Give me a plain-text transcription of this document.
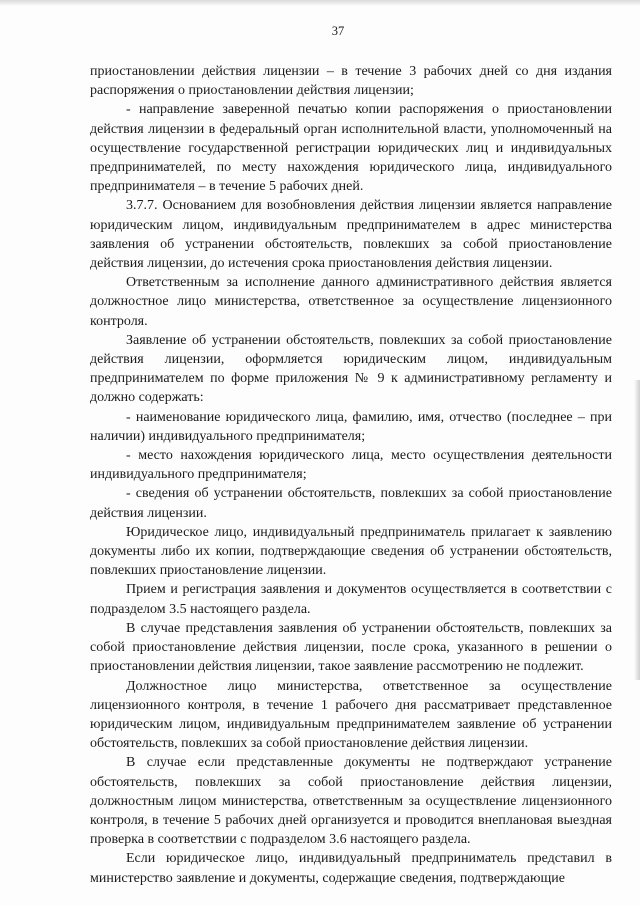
37

приостановлении действия лицензии – в течение 3 рабочих дней со дня издания распоряжения о приостановлении действия лицензии;

- направление заверенной печатью копии распоряжения о приостановлении действия лицензии в федеральный орган исполнительной власти, уполномоченный на осуществление государственной регистрации юридических лиц и индивидуальных предпринимателей, по месту нахождения юридического лица, индивидуального предпринимателя – в течение 5 рабочих дней.

3.7.7. Основанием для возобновления действия лицензии является направление юридическим лицом, индивидуальным предпринимателем в адрес министерства заявления об устранении обстоятельств, повлекших за собой приостановление действия лицензии, до истечения срока приостановления действия лицензии.

Ответственным за исполнение данного административного действия является должностное лицо министерства, ответственное за осуществление лицензионного контроля.

Заявление об устранении обстоятельств, повлекших за собой приостановление действия лицензии, оформляется юридическим лицом, индивидуальным предпринимателем по форме приложения № 9 к административному регламенту и должно содержать:

- наименование юридического лица, фамилию, имя, отчество (последнее – при наличии) индивидуального предпринимателя;

- место нахождения юридического лица, место осуществления деятельности индивидуального предпринимателя;

- сведения об устранении обстоятельств, повлекших за собой приостановление действия лицензии.

Юридическое лицо, индивидуальный предприниматель прилагает к заявлению документы либо их копии, подтверждающие сведения об устранении обстоятельств, повлекших приостановление лицензии.

Прием и регистрация заявления и документов осуществляется в соответствии с подразделом 3.5 настоящего раздела.

В случае представления заявления об устранении обстоятельств, повлекших за собой приостановление действия лицензии, после срока, указанного в решении о приостановлении действия лицензии, такое заявление рассмотрению не подлежит.

Должностное лицо министерства, ответственное за осуществление лицензионного контроля, в течение 1 рабочего дня рассматривает представленное юридическим лицом, индивидуальным предпринимателем заявление об устранении обстоятельств, повлекших за собой приостановление действия лицензии.

В случае если представленные документы не подтверждают устранение обстоятельств, повлекших за собой приостановление действия лицензии, должностным лицом министерства, ответственным за осуществление лицензионного контроля, в течение 5 рабочих дней организуется и проводится внеплановая выездная проверка в соответствии с подразделом 3.6 настоящего раздела.

Если юридическое лицо, индивидуальный предприниматель представил в министерство заявление и документы, содержащие сведения, подтверждающие
